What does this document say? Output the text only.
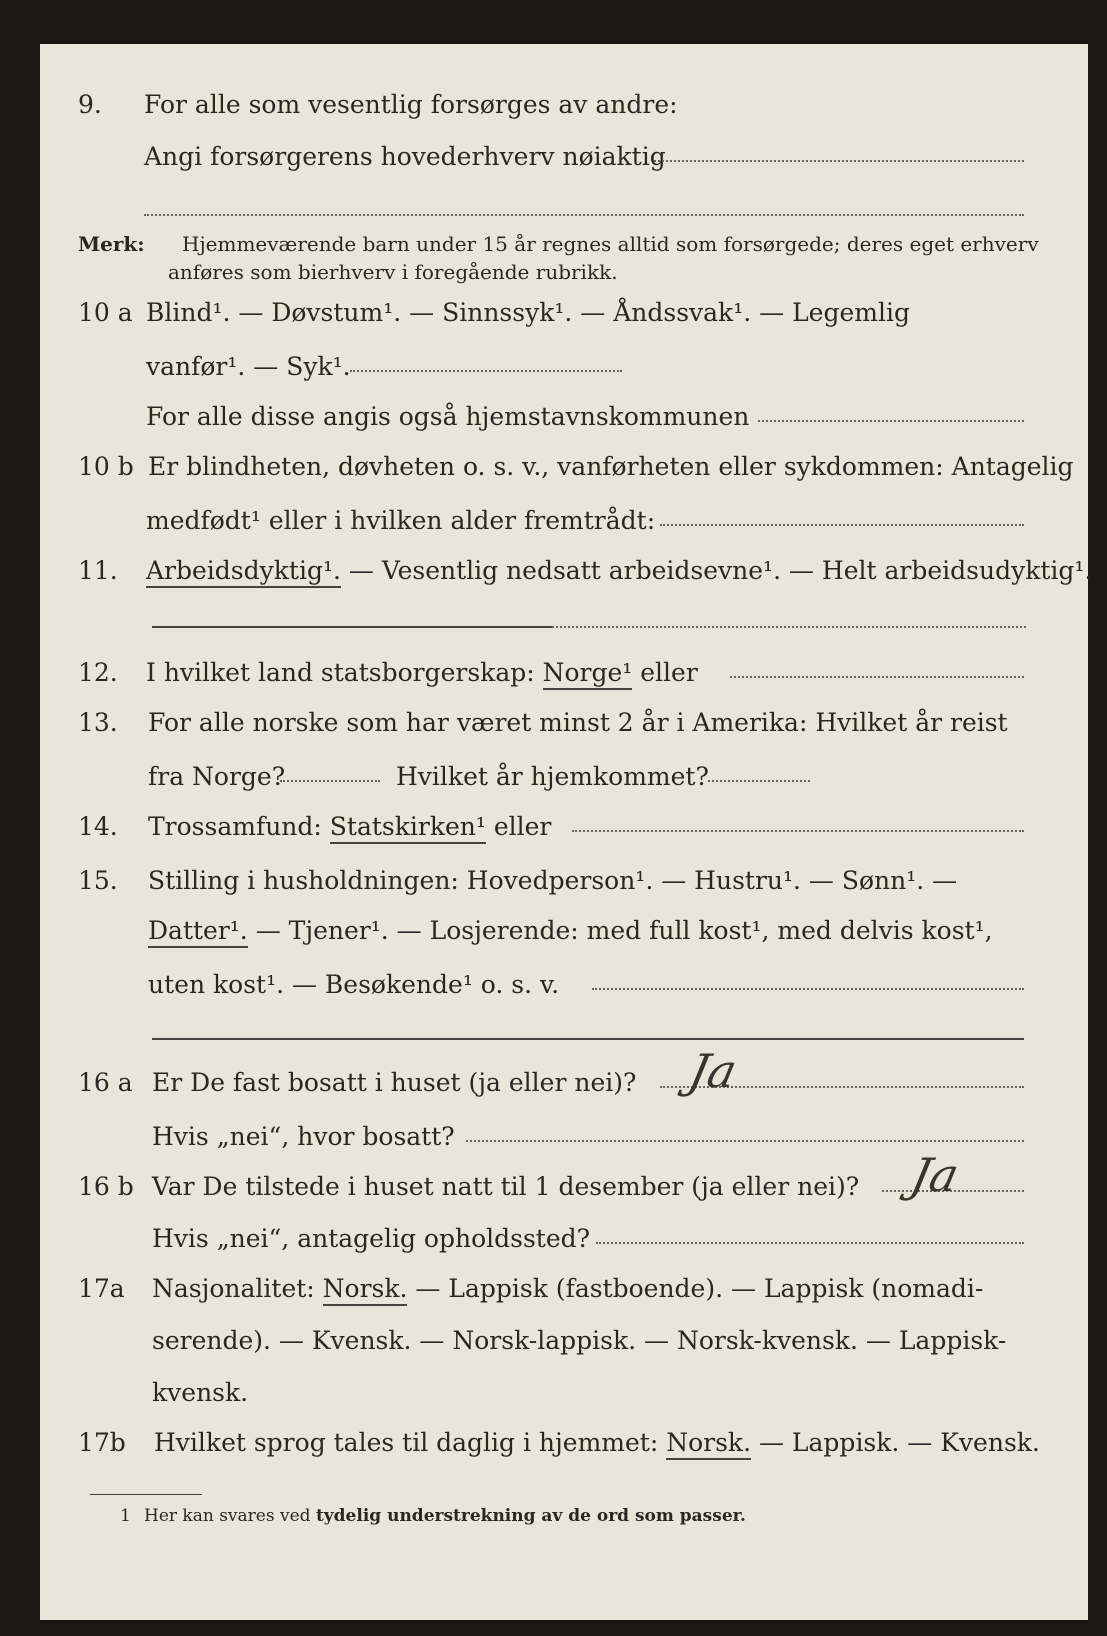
9. For alle som vesentlig forsørges av andre:
Angi forsørgerens hovederhverv nøiaktig
Merk: Hjemmeværende barn under 15 år regnes alltid som forsørgede; deres eget erhverv
anføres som bierhverv i foregående rubrikk.
10 a Blind¹. — Døvstum¹. — Sinnssyk¹. — Åndssvak¹. — Legemlig
vanfør¹. — Syk¹.
For alle disse angis også hjemstavnskommunen
10 b Er blindheten, døvheten o. s. v., vanførheten eller sykdommen: Antagelig
medfødt¹ eller i hvilken alder fremtrådt:
11. Arbeidsdyktig¹. — Vesentlig nedsatt arbeidsevne¹. — Helt arbeidsudyktig¹.
12. I hvilket land statsborgerskap: Norge¹ eller
13. For alle norske som har været minst 2 år i Amerika: Hvilket år reist
fra Norge?	Hvilket år hjemkommet?
14. Trossamfund: Statskirken¹ eller
15. Stilling i husholdningen: Hovedperson¹. — Hustru¹. — Sønn¹. —
Datter¹. — Tjener¹. — Losjerende: med full kost¹, med delvis kost¹,
uten kost¹. — Besøkende¹ o. s. v.
16 a Er De fast bosatt i huset (ja eller nei)? Ja
Hvis „nei“, hvor bosatt?
16 b Var De tilstede i huset natt til 1 desember (ja eller nei)? Ja
Hvis „nei“, antagelig opholdssted?
17a Nasjonalitet: Norsk. — Lappisk (fastboende). — Lappisk (nomadi-
serende). — Kvensk. — Norsk-lappisk. — Norsk-kvensk. — Lappisk-
kvensk.
17b Hvilket sprog tales til daglig i hjemmet: Norsk. — Lappisk. — Kvensk.
1 Her kan svares ved tydelig understrekning av de ord som passer.
